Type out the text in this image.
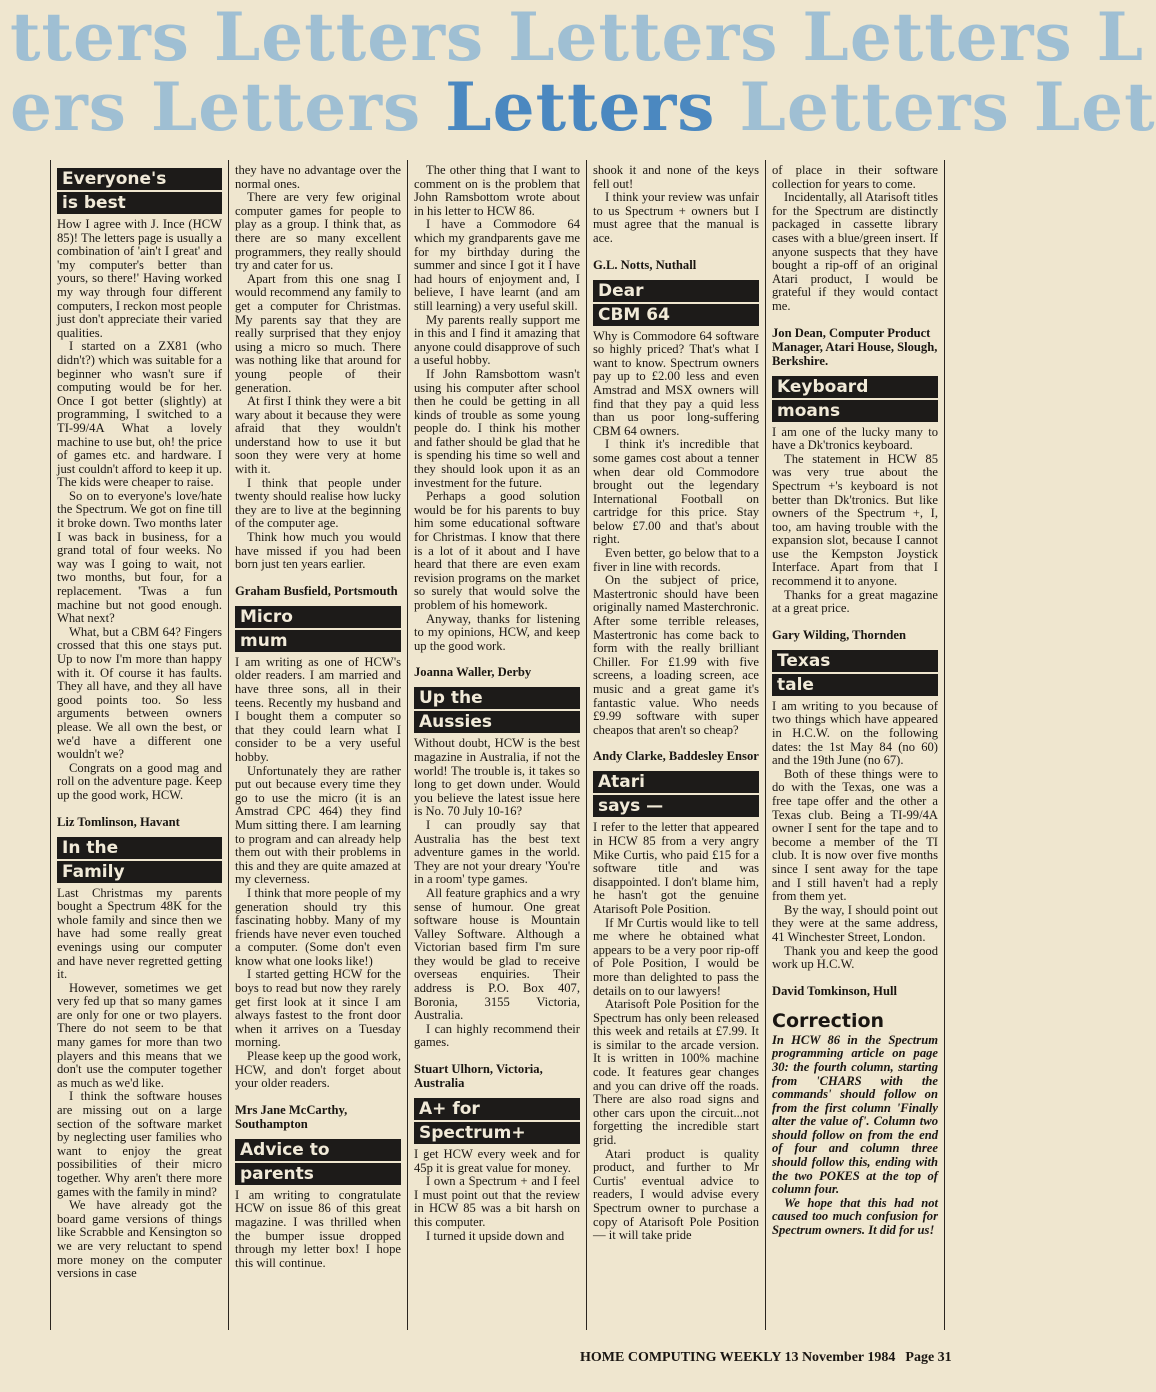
tters Letters Letters Letters L
ers Letters Letters Letters Let
Everyone's
is best

How I agree with J. Ince (HCW 85)! The letters page is usually a combination of 'ain't I great' and 'my computer's better than yours, so there!' Having worked my way through four different computers, I reckon most people just don't appreciate their varied qualities.

I started on a ZX81 (who didn't?) which was suitable for a beginner who wasn't sure if computing would be for her. Once I got better (slightly) at programming, I switched to a TI-99/4A What a lovely machine to use but, oh! the price of games etc. and hardware. I just couldn't afford to keep it up. The kids were cheaper to raise.

So on to everyone's love/hate the Spectrum. We got on fine till it broke down. Two months later I was back in business, for a grand total of four weeks. No way was I going to wait, not two months, but four, for a replacement. 'Twas a fun machine but not good enough. What next?

What, but a CBM 64? Fingers crossed that this one stays put. Up to now I'm more than happy with it. Of course it has faults. They all have, and they all have good points too. So less arguments between owners please. We all own the best, or we'd have a different one wouldn't we?

Congrats on a good mag and roll on the adventure page. Keep up the good work, HCW.

Liz Tomlinson, Havant
In the
Family

Last Christmas my parents bought a Spectrum 48K for the whole family and since then we have had some really great evenings using our computer and have never regretted getting it.

However, sometimes we get very fed up that so many games are only for one or two players. There do not seem to be that many games for more than two players and this means that we don't use the computer together as much as we'd like.

I think the software houses are missing out on a large section of the software market by neglecting user families who want to enjoy the great possibilities of their micro together. Why aren't there more games with the family in mind?

We have already got the board game versions of things like Scrabble and Kensington so we are very reluctant to spend more money on the computer versions in case

they have no advantage over the normal ones.

There are very few original computer games for people to play as a group. I think that, as there are so many excellent programmers, they really should try and cater for us.

Apart from this one snag I would recommend any family to get a computer for Christmas. My parents say that they are really surprised that they enjoy using a micro so much. There was nothing like that around for young people of their generation.

At first I think they were a bit wary about it because they were afraid that they wouldn't understand how to use it but soon they were very at home with it.

I think that people under twenty should realise how lucky they are to live at the beginning of the computer age.

Think how much you would have missed if you had been born just ten years earlier.

Graham Busfield, Portsmouth
Micro
mum

I am writing as one of HCW's older readers. I am married and have three sons, all in their teens. Recently my husband and I bought them a computer so that they could learn what I consider to be a very useful hobby.

Unfortunately they are rather put out because every time they go to use the micro (it is an Amstrad CPC 464) they find Mum sitting there. I am learning to program and can already help them out with their problems in this and they are quite amazed at my cleverness.

I think that more people of my generation should try this fascinating hobby. Many of my friends have never even touched a computer. (Some don't even know what one looks like!)

I started getting HCW for the boys to read but now they rarely get first look at it since I am always fastest to the front door when it arrives on a Tuesday morning.

Please keep up the good work, HCW, and don't forget about your older readers.

Mrs Jane McCarthy, Southampton
Advice to
parents

I am writing to congratulate HCW on issue 86 of this great magazine. I was thrilled when the bumper issue dropped through my letter box! I hope this will continue.

The other thing that I want to comment on is the problem that John Ramsbottom wrote about in his letter to HCW 86.

I have a Commodore 64 which my grandparents gave me for my birthday during the summer and since I got it I have had hours of enjoyment and, I believe, I have learnt (and am still learning) a very useful skill.

My parents really support me in this and I find it amazing that anyone could disapprove of such a useful hobby.

If John Ramsbottom wasn't using his computer after school then he could be getting in all kinds of trouble as some young people do. I think his mother and father should be glad that he is spending his time so well and they should look upon it as an investment for the future.

Perhaps a good solution would be for his parents to buy him some educational software for Christmas. I know that there is a lot of it about and I have heard that there are even exam revision programs on the market so surely that would solve the problem of his homework.

Anyway, thanks for listening to my opinions, HCW, and keep up the good work.

Joanna Waller, Derby
Up the
Aussies

Without doubt, HCW is the best magazine in Australia, if not the world! The trouble is, it takes so long to get down under. Would you believe the latest issue here is No. 70 July 10-16?

I can proudly say that Australia has the best text adventure games in the world. They are not your dreary 'You're in a room' type games.

All feature graphics and a wry sense of humour. One great software house is Mountain Valley Software. Although a Victorian based firm I'm sure they would be glad to receive overseas enquiries. Their address is P.O. Box 407, Boronia, 3155 Victoria, Australia.

I can highly recommend their games.

Stuart Ulhorn, Victoria, Australia
A+ for
Spectrum+

I get HCW every week and for 45p it is great value for money.

I own a Spectrum + and I feel I must point out that the review in HCW 85 was a bit harsh on this computer.

I turned it upside down and

shook it and none of the keys fell out!

I think your review was unfair to us Spectrum + owners but I must agree that the manual is ace.

G.L. Notts, Nuthall
Dear
CBM 64

Why is Commodore 64 software so highly priced? That's what I want to know. Spectrum owners pay up to £2.00 less and even Amstrad and MSX owners will find that they pay a quid less than us poor long-suffering CBM 64 owners.

I think it's incredible that some games cost about a tenner when dear old Commodore brought out the legendary International Football on cartridge for this price. Stay below £7.00 and that's about right.

Even better, go below that to a fiver in line with records.

On the subject of price, Mastertronic should have been originally named Masterchronic. After some terrible releases, Mastertronic has come back to form with the really brilliant Chiller. For £1.99 with five screens, a loading screen, ace music and a great game it's fantastic value. Who needs £9.99 software with super cheapos that aren't so cheap?

Andy Clarke, Baddesley Ensor
Atari
says —

I refer to the letter that appeared in HCW 85 from a very angry Mike Curtis, who paid £15 for a software title and was disappointed. I don't blame him, he hasn't got the genuine Atarisoft Pole Position.

If Mr Curtis would like to tell me where he obtained what appears to be a very poor rip-off of Pole Position, I would be more than delighted to pass the details on to our lawyers!

Atarisoft Pole Position for the Spectrum has only been released this week and retails at £7.99. It is similar to the arcade version. It is written in 100% machine code. It features gear changes and you can drive off the roads. There are also road signs and other cars upon the circuit...not forgetting the incredible start grid.

Atari product is quality product, and further to Mr Curtis' eventual advice to readers, I would advise every Spectrum owner to purchase a copy of Atarisoft Pole Position — it will take pride

of place in their software collection for years to come.

Incidentally, all Atarisoft titles for the Spectrum are distinctly packaged in cassette library cases with a blue/green insert. If anyone suspects that they have bought a rip-off of an original Atari product, I would be grateful if they would contact me.

Jon Dean, Computer Product Manager, Atari House, Slough, Berkshire.
Keyboard
moans

I am one of the lucky many to have a Dk'tronics keyboard.

The statement in HCW 85 was very true about the Spectrum +'s keyboard is not better than Dk'tronics. But like owners of the Spectrum +, I, too, am having trouble with the expansion slot, because I cannot use the Kempston Joystick Interface. Apart from that I recommend it to anyone.

Thanks for a great magazine at a great price.

Gary Wilding, Thornden
Texas
tale

I am writing to you because of two things which have appeared in H.C.W. on the following dates: the 1st May 84 (no 60) and the 19th June (no 67).

Both of these things were to do with the Texas, one was a free tape offer and the other a Texas club. Being a TI-99/4A owner I sent for the tape and to become a member of the TI club. It is now over five months since I sent away for the tape and I still haven't had a reply from them yet.

By the way, I should point out they were at the same address, 41 Winchester Street, London.

Thank you and keep the good work up H.C.W.

David Tomkinson, Hull
Correction

In HCW 86 in the Spectrum programming article on page 30: the fourth column, starting from 'CHARS with the commands' should follow on from the first column 'Finally alter the value of'. Column two should follow on from the end of four and column three should follow this, ending with the two POKES at the top of column four.

We hope that this had not caused too much confusion for Spectrum owners. It did for us!

HOME COMPUTING WEEKLY 13 November 1984 Page 31
